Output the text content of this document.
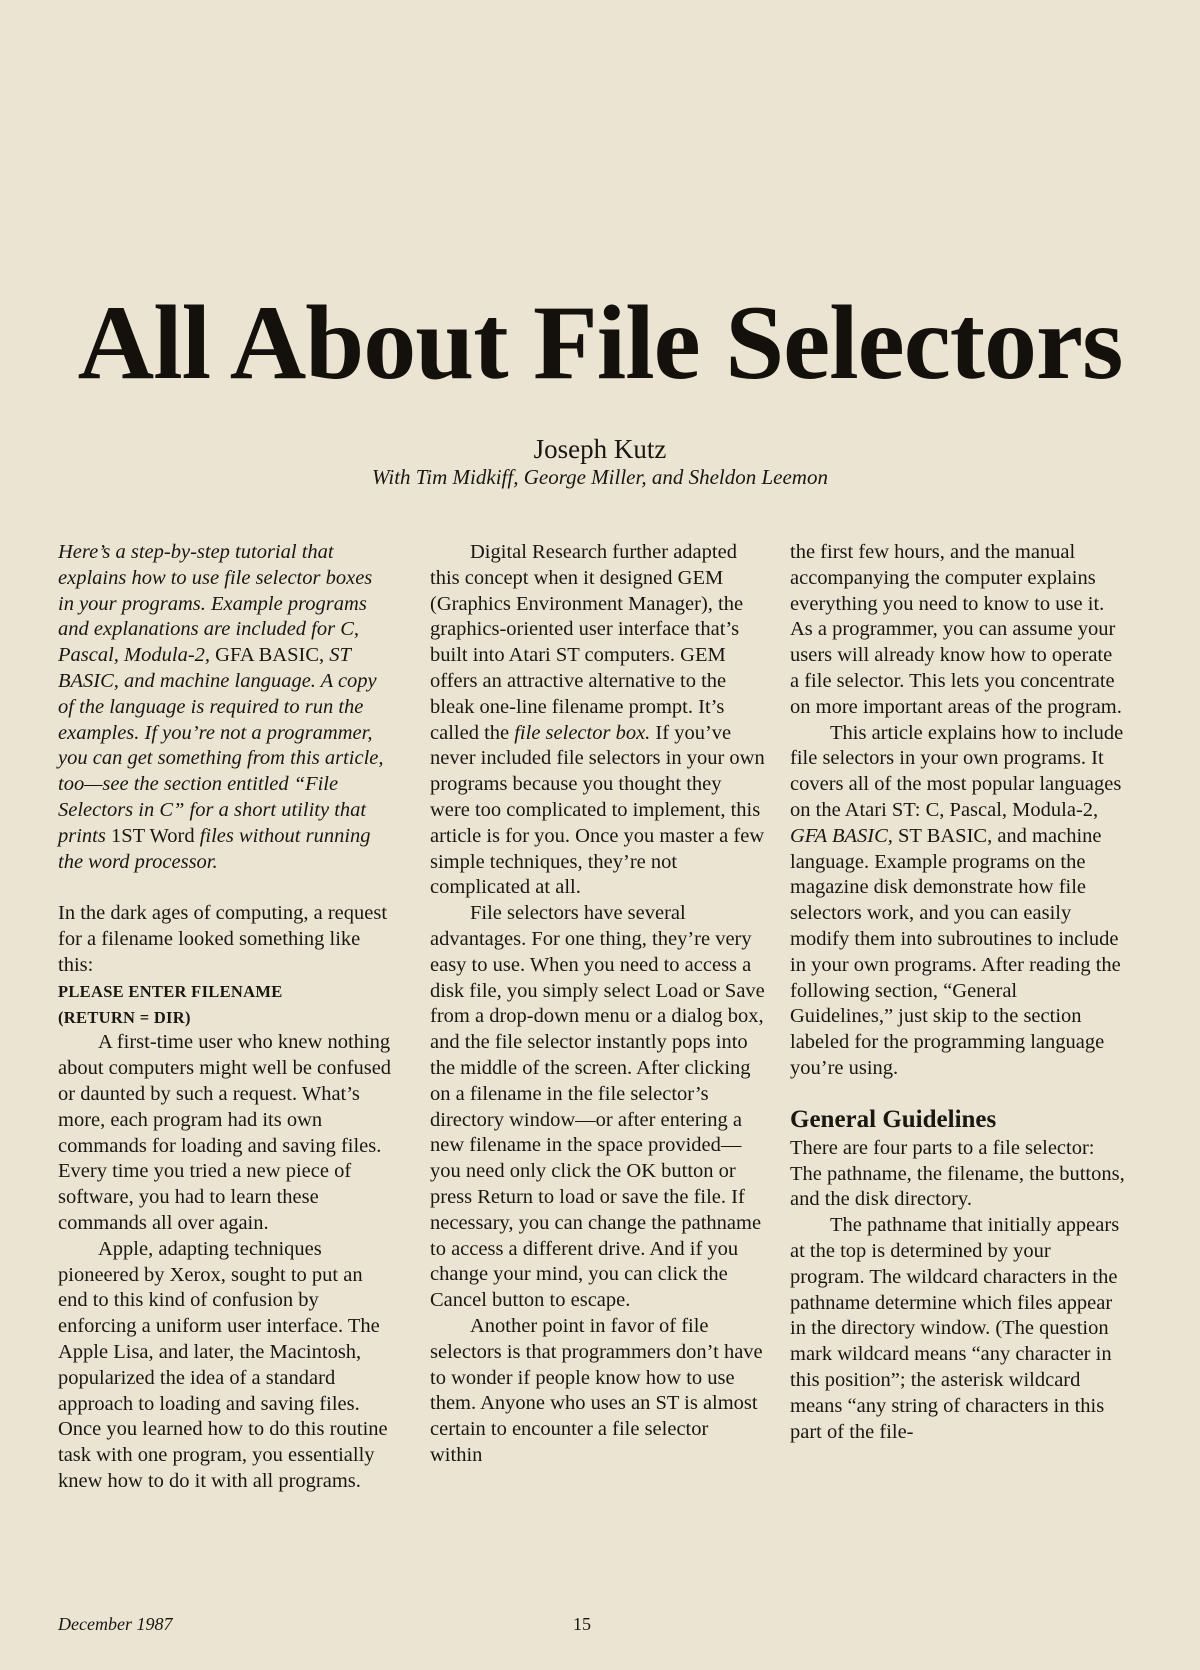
All About File Selectors
Joseph Kutz
With Tim Midkiff, George Miller, and Sheldon Leemon

Here’s a step-by-step tutorial that explains how to use file selector boxes in your programs. Example programs and explanations are included for C, Pascal, Modula-2, GFA BASIC, ST BASIC, and machine language. A copy of the language is required to run the examples. If you’re not a programmer, you can get something from this article, too—see the section entitled “File Selectors in C” for a short utility that prints 1ST Word files without running the word processor.

In the dark ages of computing, a request for a filename looked something like this:

PLEASE ENTER FILENAME

(RETURN = DIR)

A first-time user who knew nothing about computers might well be confused or daunted by such a request. What’s more, each program had its own commands for loading and saving files. Every time you tried a new piece of software, you had to learn these commands all over again.

Apple, adapting techniques pioneered by Xerox, sought to put an end to this kind of confusion by enforcing a uniform user interface. The Apple Lisa, and later, the Macintosh, popularized the idea of a standard approach to loading and saving files. Once you learned how to do this routine task with one program, you essentially knew how to do it with all programs.

Digital Research further adapted this concept when it designed GEM (Graphics Environment Manager), the graphics-oriented user interface that’s built into Atari ST computers. GEM offers an attractive alternative to the bleak one-line filename prompt. It’s called the file selector box. If you’ve never included file selectors in your own programs because you thought they were too complicated to implement, this article is for you. Once you master a few simple techniques, they’re not complicated at all.

File selectors have several advantages. For one thing, they’re very easy to use. When you need to access a disk file, you simply select Load or Save from a drop-down menu or a dialog box, and the file selector instantly pops into the middle of the screen. After clicking on a filename in the file selector’s directory window—or after entering a new filename in the space provided—you need only click the OK button or press Return to load or save the file. If necessary, you can change the pathname to access a different drive. And if you change your mind, you can click the Cancel button to escape.

Another point in favor of file selectors is that programmers don’t have to wonder if people know how to use them. Anyone who uses an ST is almost certain to encounter a file selector within

the first few hours, and the manual accompanying the computer explains everything you need to know to use it. As a programmer, you can assume your users will already know how to operate a file selector. This lets you concentrate on more important areas of the program.

This article explains how to include file selectors in your own programs. It covers all of the most popular languages on the Atari ST: C, Pascal, Modula-2, GFA BASIC, ST BASIC, and machine language. Example programs on the magazine disk demonstrate how file selectors work, and you can easily modify them into subroutines to include in your own programs. After reading the following section, “General Guidelines,” just skip to the section labeled for the programming language you’re using.

General Guidelines

There are four parts to a file selector: The pathname, the filename, the buttons, and the disk directory.

The pathname that initially appears at the top is determined by your program. The wildcard characters in the pathname determine which files appear in the directory window. (The question mark wildcard means “any character in this position”; the asterisk wildcard means “any string of characters in this part of the file-

December 1987	15
